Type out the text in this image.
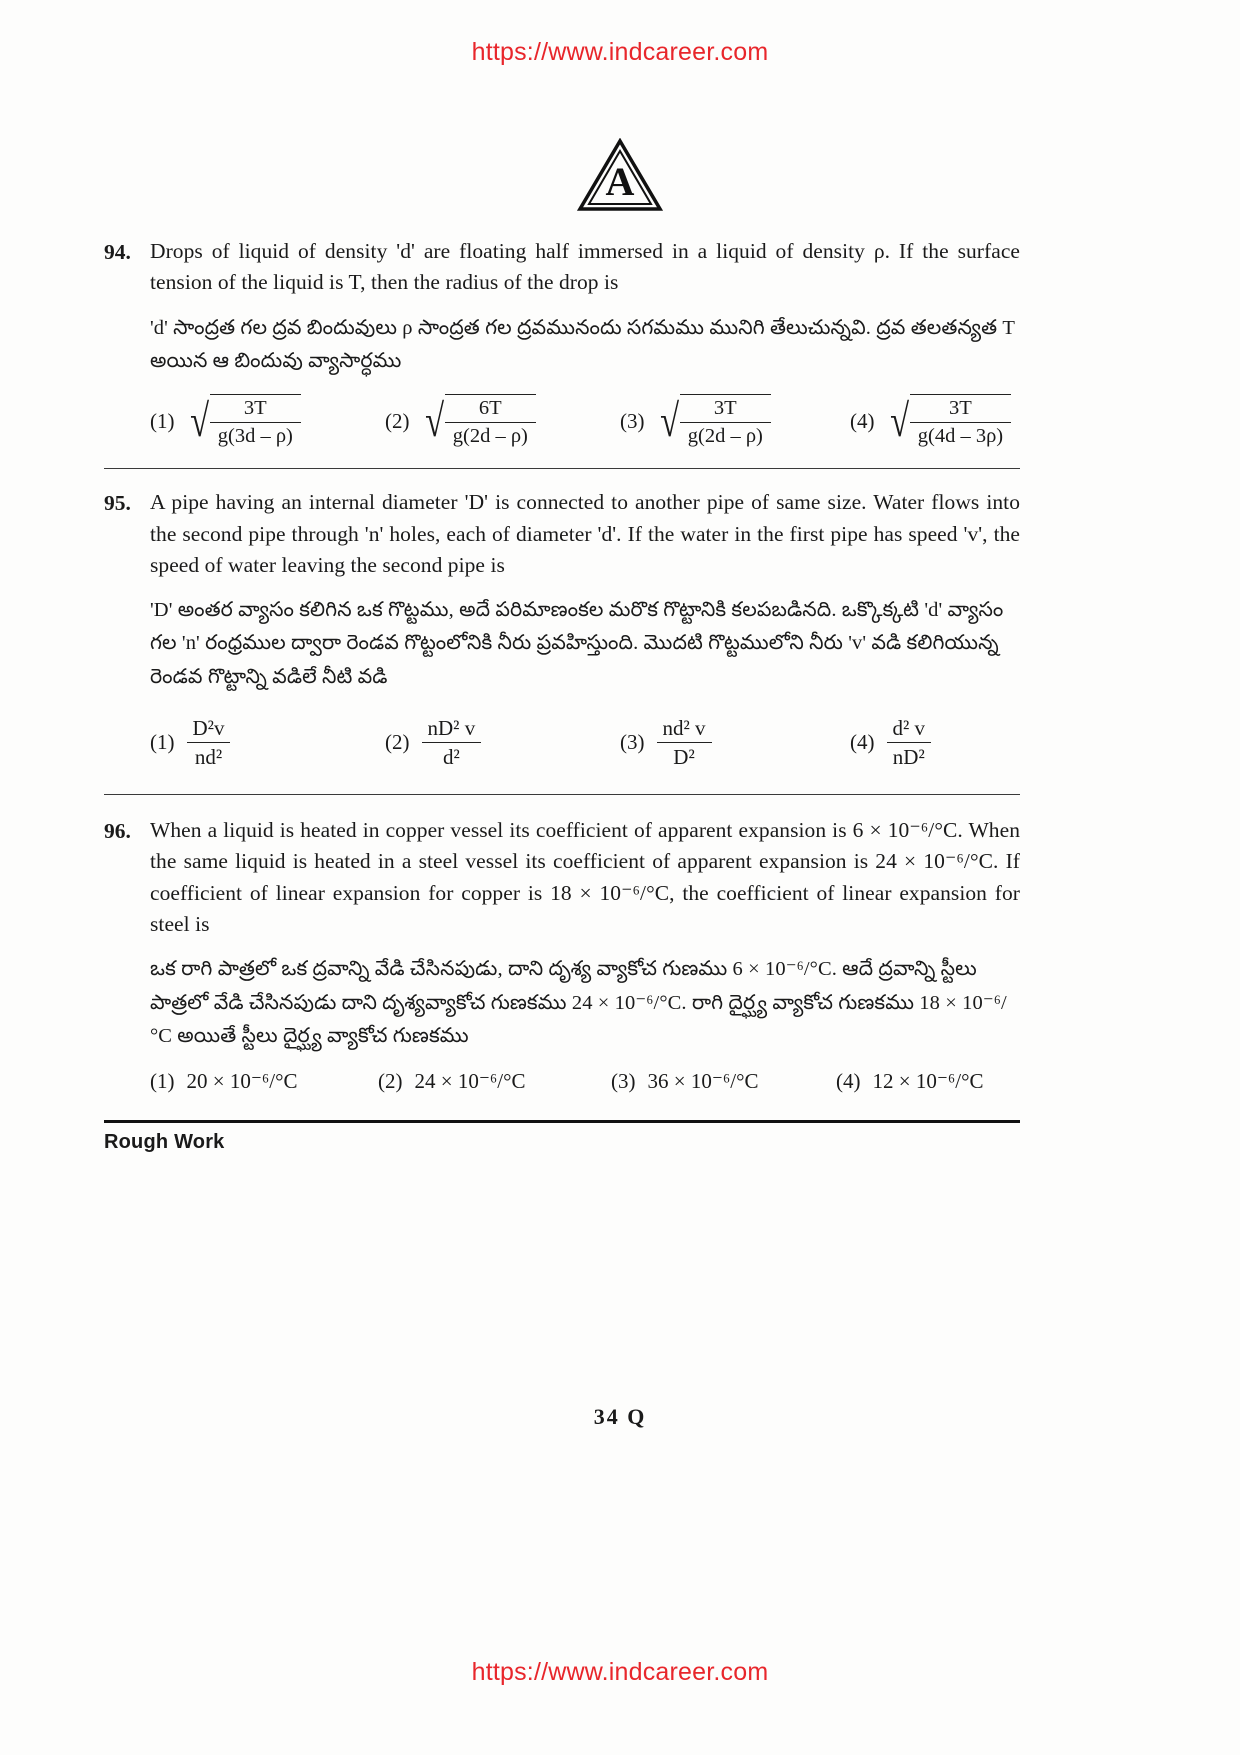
https://www.indcareer.com
A
94. Drops of liquid of density 'd' are floating half immersed in a liquid of density ρ. If the surface tension of the liquid is T, then the radius of the drop is
'd' సాంద్రత గల ద్రవ బిందువులు ρ సాంద్రత గల ద్రవమునందు సగమము మునిగి తేలుచున్నవి. ద్రవ తలతన్యత T అయిన ఆ బిందువు వ్యాసార్ధము
(1) √ $\frac{3T}{g(3d - \rho)}$	(2) √ $\frac{6T}{g(2d - \rho)}$	(3) √ $\frac{3T}{g(2d - \rho)}$	(4) √ $\frac{3T}{g(4d - 3\rho)}$
95. A pipe having an internal diameter 'D' is connected to another pipe of same size. Water flows into the second pipe through 'n' holes, each of diameter 'd'. If the water in the first pipe has speed 'v', the speed of water leaving the second pipe is
'D' అంతర వ్యాసం కలిగిన ఒక గొట్టము, అదే పరిమాణంకల మరొక గొట్టానికి కలపబడినది. ఒక్కొక్కటి 'd' వ్యాసం గల 'n' రంధ్రముల ద్వారా రెండవ గొట్టంలోనికి నీరు ప్రవహిస్తుంది. మొదటి గొట్టములోని నీరు 'v' వడి కలిగియున్న రెండవ గొట్టాన్ని వడిలే నీటి వడి
$(1) \frac{\text{D²v}}{\text{nd²}}$	$(2) \frac{\text{nD² v}}{\text{d²}}$	$(3) \frac{\text{nd² v}}{\text{D²}}$	$(4) \frac{\text{d² v}}{\text{nD²}}$
96. When a liquid is heated in copper vessel its coefficient of apparent expansion is 6 × 10⁻⁶/°C. When the same liquid is heated in a steel vessel its coefficient of apparent expansion is 24 × 10⁻⁶/°C. If coefficient of linear expansion for copper is 18 × 10⁻⁶/°C, the coefficient of linear expansion for steel is
ఒక రాగి పాత్రలో ఒక ద్రవాన్ని వేడి చేసినపుడు, దాని దృశ్య వ్యాకోచ గుణము 6 × 10⁻⁶/°C. ఆదే ద్రవాన్ని స్టీలు పాత్రలో వేడి చేసినపుడు దాని దృశ్యవ్యాకోచ గుణకము 24 × 10⁻⁶/°C. రాగి దైర్ఘ్య వ్యాకోచ గుణకము 18 × 10⁻⁶/°C అయితే స్టీలు దైర్ఘ్య వ్యాకోచ గుణకము
(1) 20 × 10⁻⁶/°C	(2) 24 × 10⁻⁶/°C	(3) 36 × 10⁻⁶/°C	(4) 12 × 10⁻⁶/°C
Rough Work
34 Q
https://www.indcareer.com
